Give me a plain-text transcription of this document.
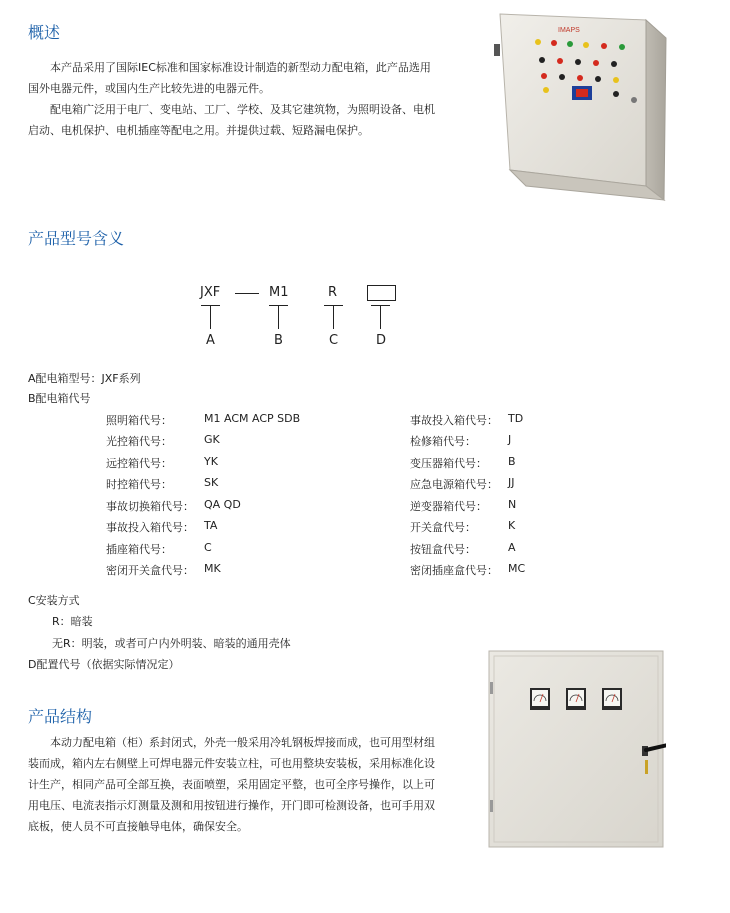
概述

本产品采用了国际IEC标准和国家标准设计制造的新型动力配电箱，此产品选用国外电器元件，或国内生产比较先进的电器元件。

配电箱广泛用于电厂、变电站、工厂、学校、及其它建筑物，为照明设备、电机启动、电机保护、电机插座等配电之用。并提供过载、短路漏电保护。

IMAPS
产品型号含义
JXF	M1	R
A	B	C	D
A配电箱型号：JXF系列
B配电箱代号
照明箱代号：	M1 ACM ACP SDB
光控箱代号：	GK
远控箱代号：	YK
时控箱代号：	SK
事故切换箱代号： QA QD
事故投入箱代号： TA
插座箱代号：	C
密闭开关盒代号： MK
事故投入箱代号： TD
检修箱代号：	J
变压器箱代号： B
应急电源箱代号： JJ
逆变器箱代号： N
开关盒代号：	K
按钮盒代号：	A
密闭插座盒代号： MC
C安装方式
R：暗装
无R：明装，或者可户内外明装、暗装的通用壳体
D配置代号（依据实际情况定）
产品结构

本动力配电箱（柜）系封闭式，外壳一般采用冷轧钢板焊接而成，也可用型材组装而成，箱内左右侧壁上可焊电器元件安装立柱，可也用整块安装板，采用标准化设计生产，相同产品可全部互换，表面喷塑，采用固定平整，也可全序号操作，以上可用电压、电流表指示灯测量及测和用按钮进行操作，开门即可检测设备，也可手用双底板，使人员不可直接触导电体，确保安全。
